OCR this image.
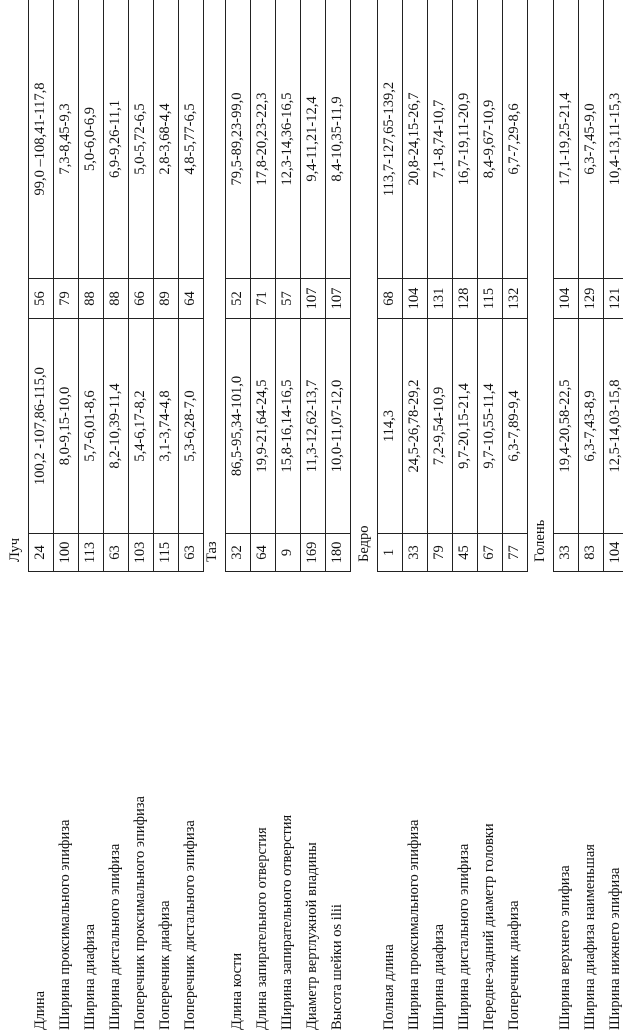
Луч
Длина
24
100,2 -107,86-115,0
56
99,0 –108,41-117,8
Ширина проксимального эпифиза
100
8,0-9,15-10,0
79
7,3-8,45-9,3
Ширина диафиза
113
5,7-6,01-8,6
88
5,0-6,0-6,9
Ширина дистального эпифиза
63
8,2-10,39-11,4
88
6,9-9,26-11,1
Поперечник проксимального эпифиза
103
5,4-6,17-8,2
66
5,0-5,72-6,5
Поперечник диафиза
115
3,1-3,74-4,8
89
2,8-3,68-4,4
Поперечник дистального эпифиза
63
5,3-6,28-7,0
64
4,8-5,77-6,5
Таз
Длина кости
32
86,5-95,34-101,0
52
79,5-89,23-99,0
Длина запирательного отверстия
64
19,9-21,64-24,5
71
17,8-20,23-22,3
Ширина запирательного отверстия
9
15,8-16,14-16,5
57
12,3-14,36-16,5
Диаметр вертлужной впадины
169
11,3-12,62-13,7
107
9,4-11,21-12,4
Высота шейки os ilii
180
10,0-11,07-12,0
107
8,4-10,35-11,9
Бедро
Полная длина
1
114,3
68
113,7-127,65-139,2
Ширина проксимального эпифиза
33
24,5-26,78-29,2
104
20,8-24,15-26,7
Ширина диафиза
79
7,2-9,54-10,9
131
7,1-8,74-10,7
Ширина дистального эпифиза
45
9,7-20,15-21,4
128
16,7-19,11-20,9
Передне-задний диаметр головки
67
9,7-10,55-11,4
115
8,4-9,67-10,9
Поперечник диафиза
77
6,3-7,89-9,4
132
6,7-7,29-8,6
Голень
Ширина верхнего эпифиза
33
19,4-20,58-22,5
104
17,1-19,25-21,4
Ширина диафиза наименьшая
83
6,3-7,43-8,9
129
6,3-7,45-9,0
Ширина нижнего эпифиза
104
12,5-14,03-15,8
121
10,4-13,11-15,3
